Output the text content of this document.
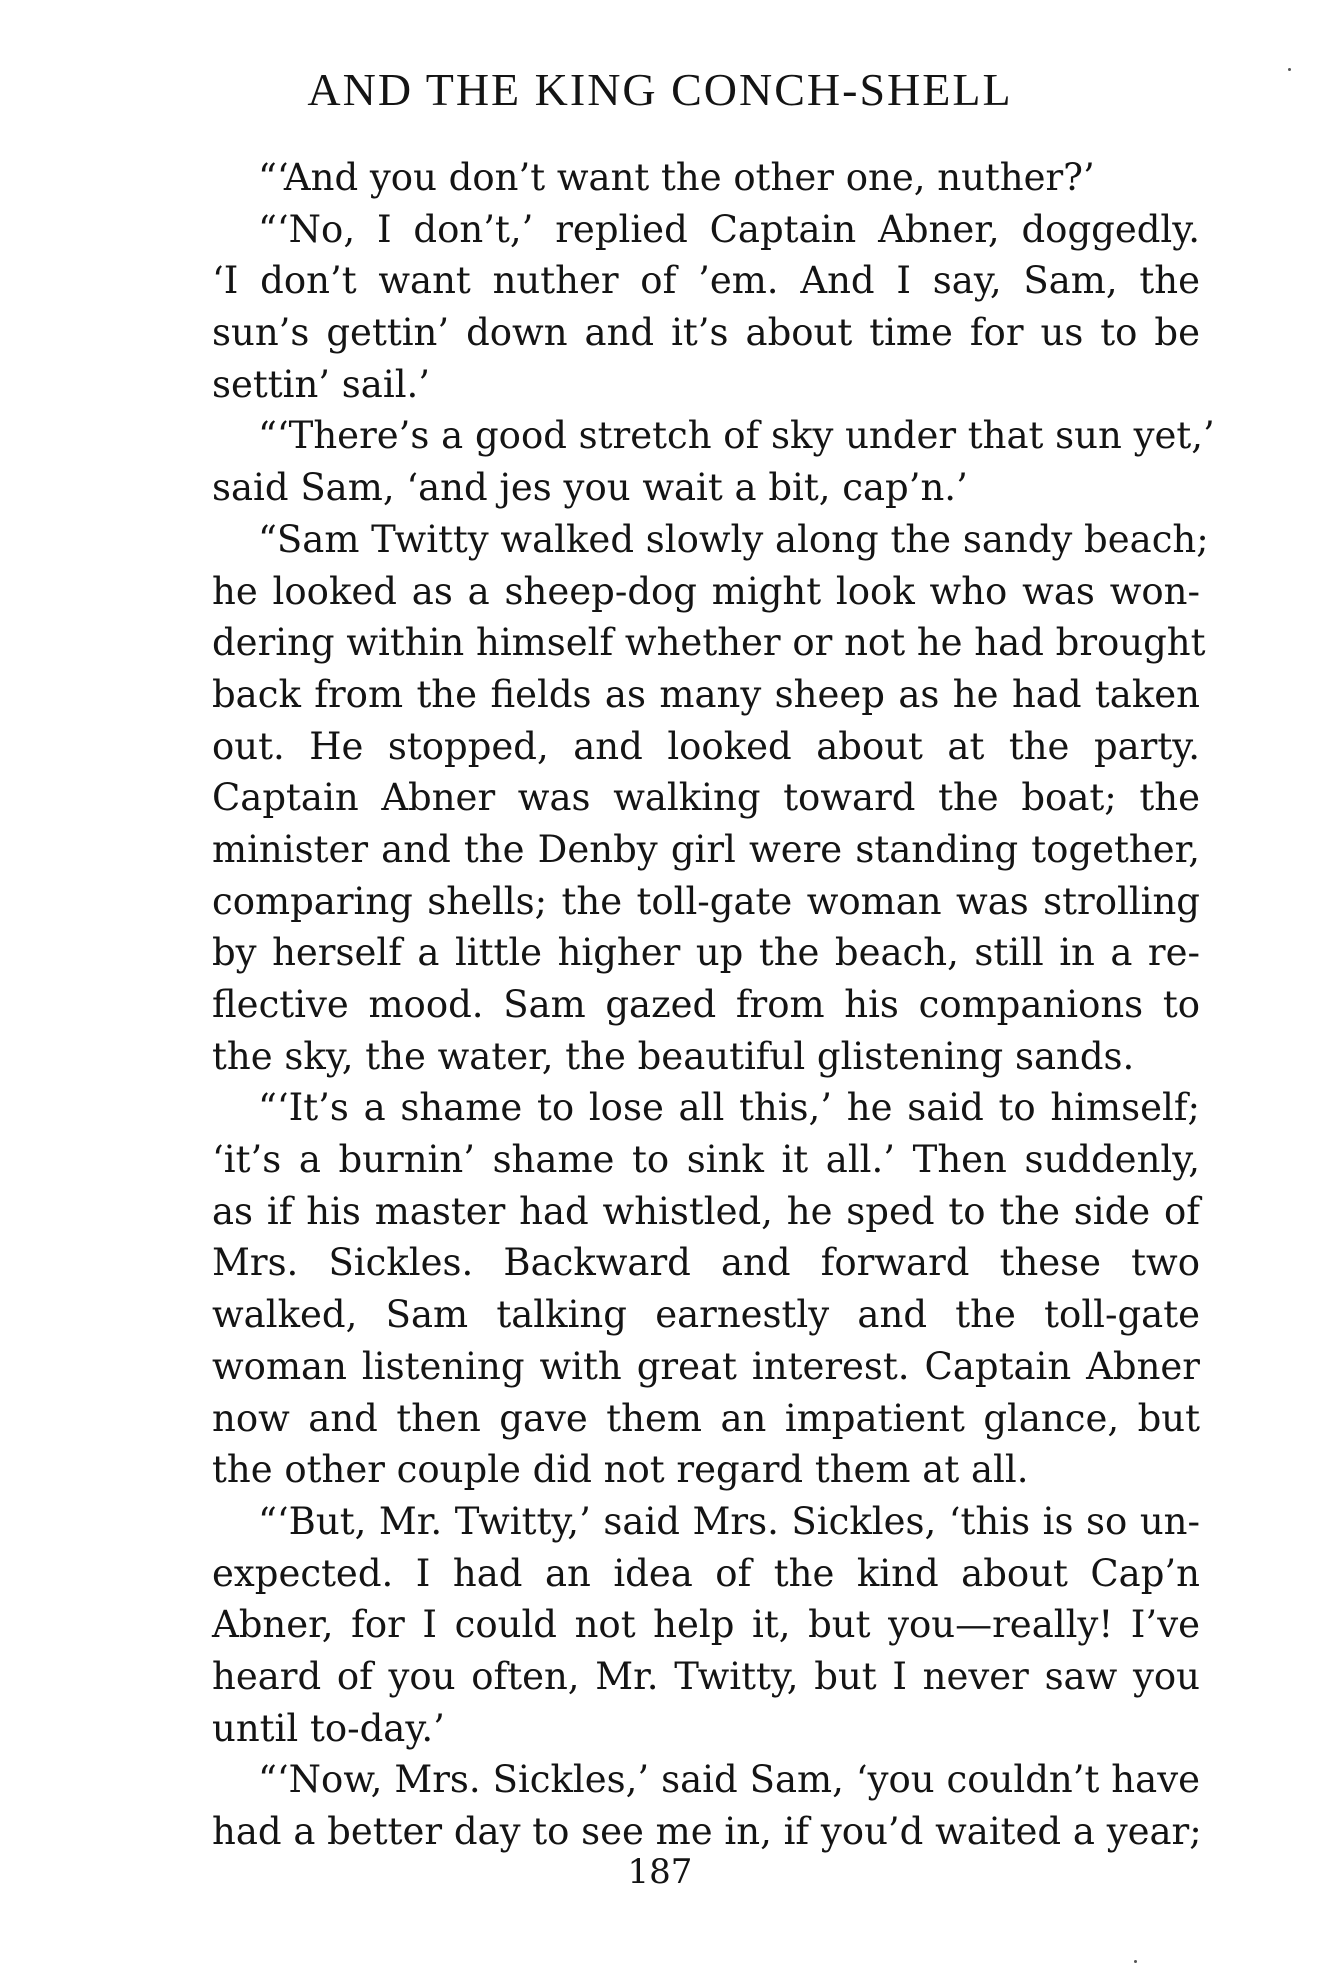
AND THE KING CONCH-SHELL
“‘And you don’t want the other one, nuther?’
“‘No, I don’t,’ replied Captain Abner, doggedly.
‘I don’t want nuther of ’em. And I say, Sam, the
sun’s gettin’ down and it’s about time for us to be
settin’ sail.’
“‘There’s a good stretch of sky under that sun yet,’
said Sam, ‘and jes you wait a bit, cap’n.’
“Sam Twitty walked slowly along the sandy beach;
he looked as a sheep-dog might look who was won-
dering within himself whether or not he had brought
back from the fields as many sheep as he had taken
out. He stopped, and looked about at the party.
Captain Abner was walking toward the boat; the
minister and the Denby girl were standing together,
comparing shells; the toll-gate woman was strolling
by herself a little higher up the beach, still in a re-
flective mood. Sam gazed from his companions to
the sky, the water, the beautiful glistening sands.
“‘It’s a shame to lose all this,’ he said to himself;
‘it’s a burnin’ shame to sink it all.’ Then suddenly,
as if his master had whistled, he sped to the side of
Mrs. Sickles. Backward and forward these two
walked, Sam talking earnestly and the toll-gate
woman listening with great interest. Captain Abner
now and then gave them an impatient glance, but
the other couple did not regard them at all.
“‘But, Mr. Twitty,’ said Mrs. Sickles, ‘this is so un-
expected. I had an idea of the kind about Cap’n
Abner, for I could not help it, but you—really! I’ve
heard of you often, Mr. Twitty, but I never saw you
until to-day.’
“‘Now, Mrs. Sickles,’ said Sam, ‘you couldn’t have
had a better day to see me in, if you’d waited a year;
187
